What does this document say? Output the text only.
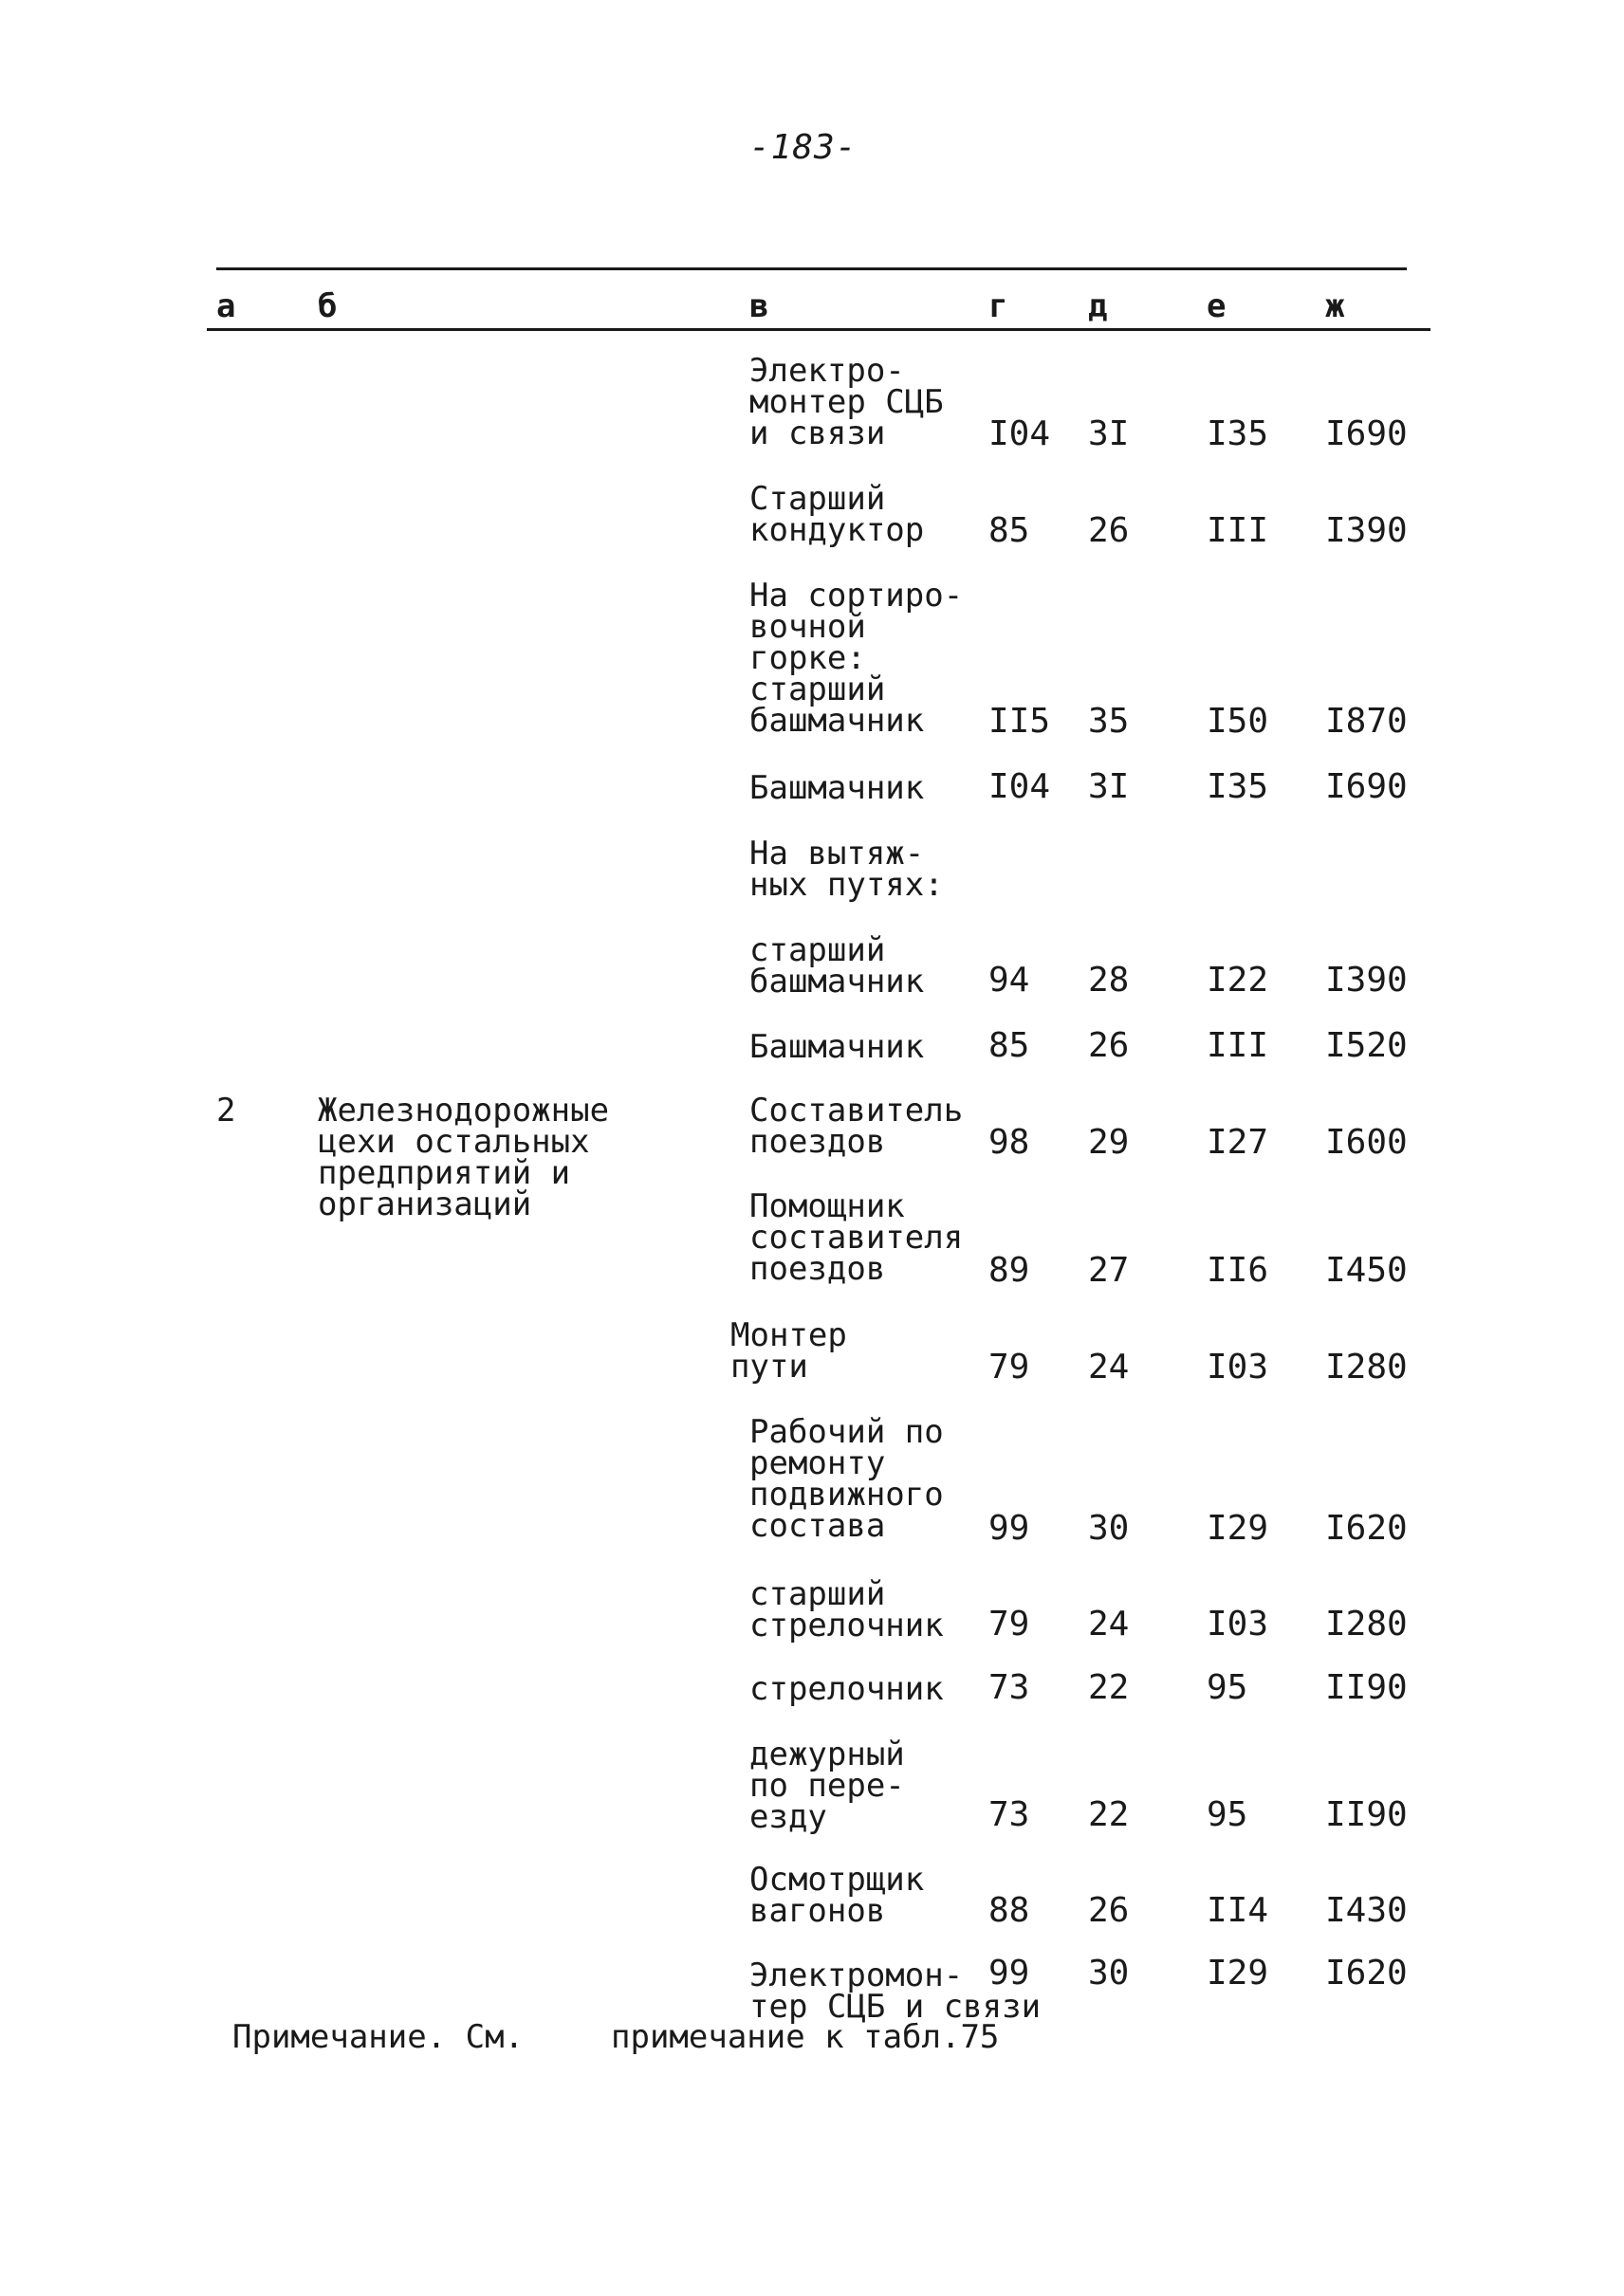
-183-
а	б	в	г д	е	ж
2	Железнодорожные
цехи остальных
предприятий и
организаций
Электро-
монтер СЦБ
и связи	I04 3I I35 I690
Старший
кондуктор 85 26 III I390
На сортиро-
вочной
горке:
старший
башмачник	II5 35 I50 I870
Башмачник I04 3I I35 I690
На вытяж-
ных путях:
старший
башмачник 94 28 I22 I390
Башмачник 85 26 III I520
Составитель
поездов	98 29 I27 I600
Помощник
составителя
поездов	89 27 II6 I450
Монтер
пути	79 24 I03 I280
Рабочий по
ремонту
подвижного
состава	99 30 I29 I620
старший
стрелочник 79 24 I03 I280
стрелочник 73 22 95 II90
дежурный
по пере-
езду	73 22 95 II90
Осмотрщик
вагонов	88 26 II4 I430
Электромон-
тер СЦБ и связи
99 30 I29 I620
Примечание. См.	примечание к табл.75
